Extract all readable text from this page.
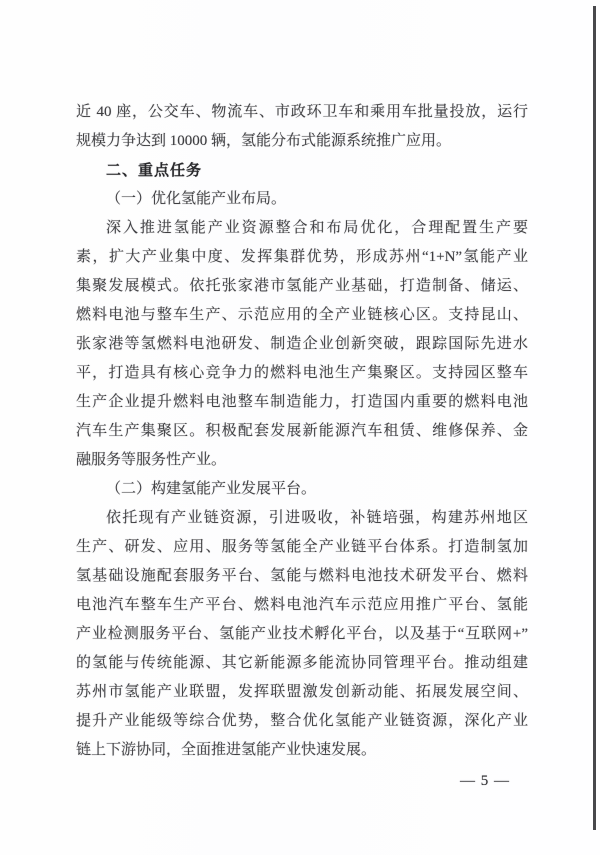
近 40 座，公交车、物流车、市政环卫车和乘用车批量投放，运行
规模力争达到 10000 辆，氢能分布式能源系统推广应用。
二、重点任务
（一）优化氢能产业布局。
深入推进氢能产业资源整合和布局优化，合理配置生产要
素，扩大产业集中度、发挥集群优势，形成苏州“1+N”氢能产业
集聚发展模式。依托张家港市氢能产业基础，打造制备、储运、
燃料电池与整车生产、示范应用的全产业链核心区。支持昆山、
张家港等氢燃料电池研发、制造企业创新突破，跟踪国际先进水
平，打造具有核心竞争力的燃料电池生产集聚区。支持园区整车
生产企业提升燃料电池整车制造能力，打造国内重要的燃料电池
汽车生产集聚区。积极配套发展新能源汽车租赁、维修保养、金
融服务等服务性产业。
（二）构建氢能产业发展平台。
依托现有产业链资源，引进吸收，补链培强，构建苏州地区
生产、研发、应用、服务等氢能全产业链平台体系。打造制氢加
氢基础设施配套服务平台、氢能与燃料电池技术研发平台、燃料
电池汽车整车生产平台、燃料电池汽车示范应用推广平台、氢能
产业检测服务平台、氢能产业技术孵化平台，以及基于“互联网+”
的氢能与传统能源、其它新能源多能流协同管理平台。推动组建
苏州市氢能产业联盟，发挥联盟激发创新动能、拓展发展空间、
提升产业能级等综合优势，整合优化氢能产业链资源，深化产业
链上下游协同，全面推进氢能产业快速发展。
— 5 —
